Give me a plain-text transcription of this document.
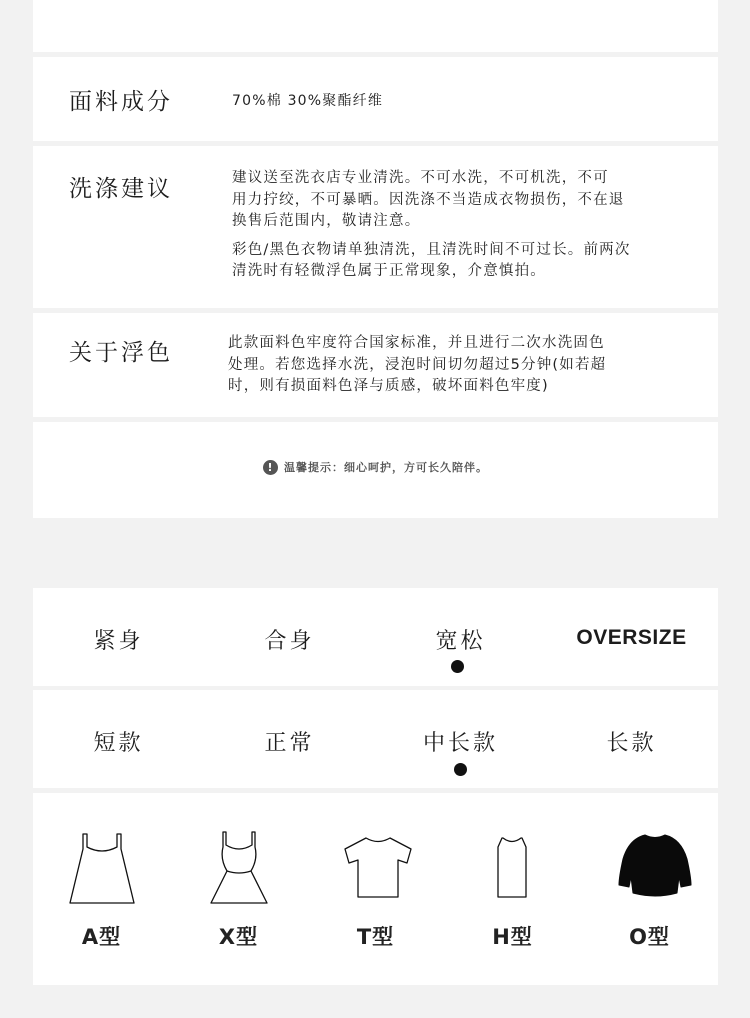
面料成分	70%棉 30%聚酯纤维
洗涤建议	建议送至洗衣店专业清洗。不可水洗，不可机洗，不可

用力拧绞，不可暴晒。因洗涤不当造成衣物损伤，不在退

换售后范围内，敬请注意。

彩色/黑色衣物请单独清洗，且清洗时间不可过长。前两次

清洗时有轻微浮色属于正常现象，介意慎拍。

关于浮色	此款面料色牢度符合国家标准，并且进行二次水洗固色

处理。若您选择水洗，浸泡时间切勿超过5分钟(如若超

时，则有损面料色泽与质感，破坏面料色牢度)

! 温馨提示：细心呵护，方可长久陪伴。
紧身	合身	宽松	OVERSIZE
短款	正常	中长款	长款
A型	X型	T型	H型	O型
